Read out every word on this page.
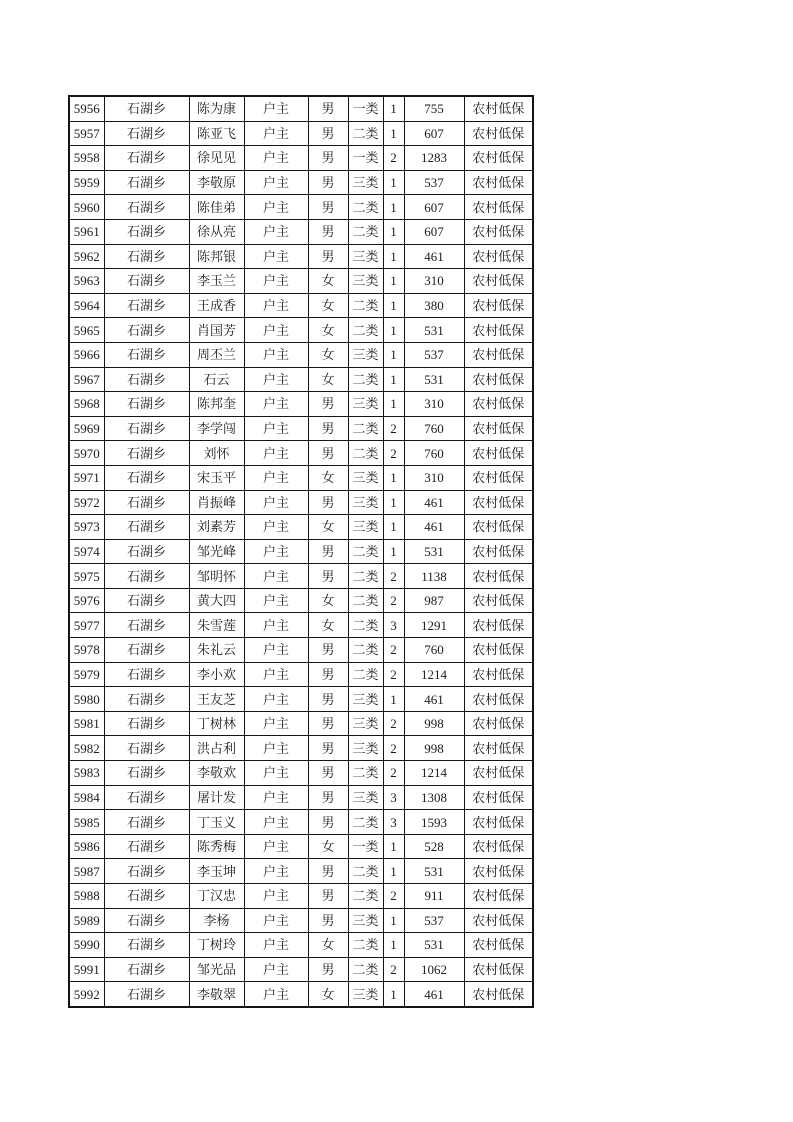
5956	石湖乡	陈为康	户主	男	一类	1	755	农村低保
5957	石湖乡	陈亚飞	户主	男	二类	1	607	农村低保
5958	石湖乡	徐见见	户主	男	一类	2	1283	农村低保
5959	石湖乡	李敬原	户主	男	三类	1	537	农村低保
5960	石湖乡	陈佳弟	户主	男	二类	1	607	农村低保
5961	石湖乡	徐从亮	户主	男	二类	1	607	农村低保
5962	石湖乡	陈邦银	户主	男	三类	1	461	农村低保
5963	石湖乡	李玉兰	户主	女	三类	1	310	农村低保
5964	石湖乡	王成香	户主	女	二类	1	380	农村低保
5965	石湖乡	肖国芳	户主	女	二类	1	531	农村低保
5966	石湖乡	周丕兰	户主	女	三类	1	537	农村低保
5967	石湖乡	石云	户主	女	二类	1	531	农村低保
5968	石湖乡	陈邦奎	户主	男	三类	1	310	农村低保
5969	石湖乡	李学闯	户主	男	二类	2	760	农村低保
5970	石湖乡	刘怀	户主	男	二类	2	760	农村低保
5971	石湖乡	宋玉平	户主	女	三类	1	310	农村低保
5972	石湖乡	肖振峰	户主	男	三类	1	461	农村低保
5973	石湖乡	刘素芳	户主	女	三类	1	461	农村低保
5974	石湖乡	邹光峰	户主	男	二类	1	531	农村低保
5975	石湖乡	邹明怀	户主	男	二类	2	1138	农村低保
5976	石湖乡	黄大四	户主	女	二类	2	987	农村低保
5977	石湖乡	朱雪莲	户主	女	二类	3	1291	农村低保
5978	石湖乡	朱礼云	户主	男	二类	2	760	农村低保
5979	石湖乡	李小欢	户主	男	二类	2	1214	农村低保
5980	石湖乡	王友芝	户主	男	三类	1	461	农村低保
5981	石湖乡	丁树林	户主	男	三类	2	998	农村低保
5982	石湖乡	洪占利	户主	男	三类	2	998	农村低保
5983	石湖乡	李敬欢	户主	男	二类	2	1214	农村低保
5984	石湖乡	屠计发	户主	男	三类	3	1308	农村低保
5985	石湖乡	丁玉义	户主	男	二类	3	1593	农村低保
5986	石湖乡	陈秀梅	户主	女	一类	1	528	农村低保
5987	石湖乡	李玉坤	户主	男	二类	1	531	农村低保
5988	石湖乡	丁汉忠	户主	男	二类	2	911	农村低保
5989	石湖乡	李杨	户主	男	三类	1	537	农村低保
5990	石湖乡	丁树玲	户主	女	二类	1	531	农村低保
5991	石湖乡	邹光品	户主	男	二类	2	1062	农村低保
5992	石湖乡	李敬翠	户主	女	三类	1	461	农村低保
